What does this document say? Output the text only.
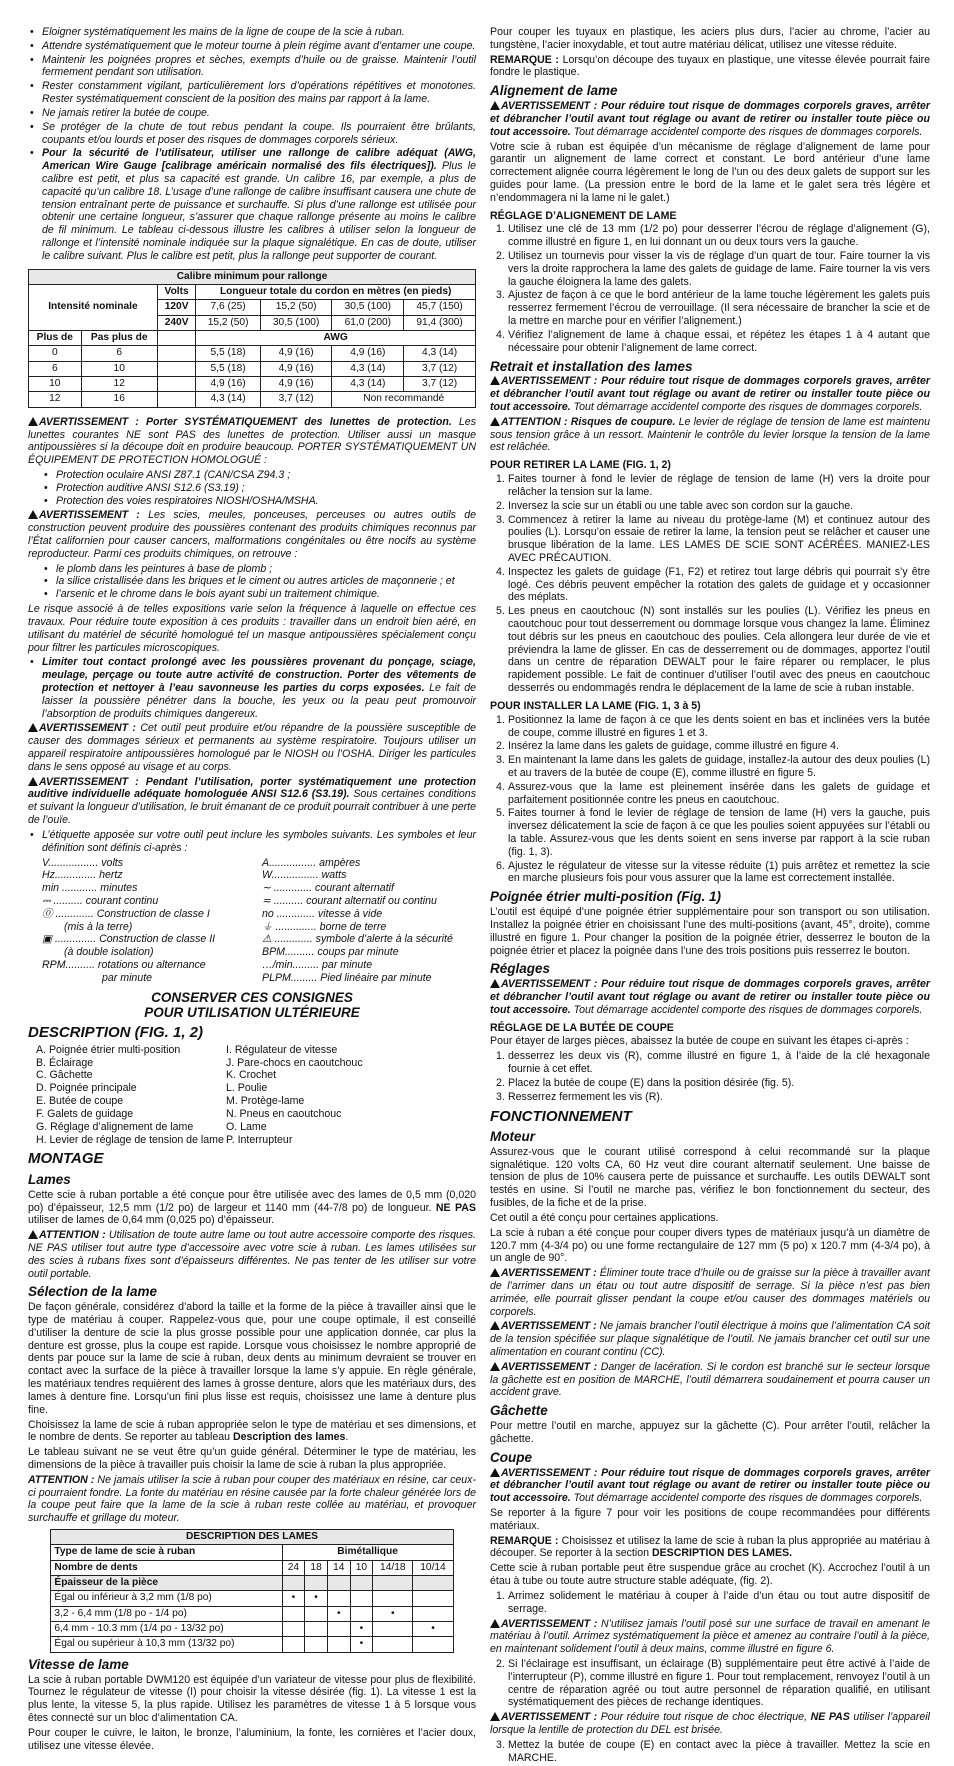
• Eloigner systématiquement les mains de la ligne de coupe de la scie à ruban.
• Attendre systématiquement que le moteur tourne à plein régime avant d’entamer une coupe.
• Maintenir les poignées propres et sèches, exempts d’huile ou de graisse. Maintenir l’outil fermement pendant son utilisation.
• Rester constamment vigilant, particulièrement lors d’opérations répétitives et monotones. Rester systématiquement conscient de la position des mains par rapport à la lame.
• Ne jamais retirer la butée de coupe.
• Se protéger de la chute de tout rebus pendant la coupe. Ils pourraient être brûlants, coupants et/ou lourds et poser des risques de dommages corporels sérieux.
• Pour la sécurité de l’utilisateur, utiliser une rallonge de calibre adéquat (AWG, American Wire Gauge [calibrage américain normalisé des fils électriques]). Plus le calibre est petit, et plus sa capacité est grande. Un calibre 16, par exemple, a plus de capacité qu’un calibre 18. L’usage d’une rallonge de calibre insuffisant causera une chute de tension entraînant perte de puissance et surchauffe. Si plus d’une rallonge est utilisée pour obtenir une certaine longueur, s’assurer que chaque rallonge présente au moins le calibre de fil minimum. Le tableau ci-dessous illustre les calibres à utiliser selon la longueur de rallonge et l’intensité nominale indiquée sur la plaque signalétique. En cas de doute, utiliser le calibre suivant. Plus le calibre est petit, plus la rallonge peut supporter de courant.
Calibre minimum pour rallonge						
Intensité nominale		Volts	Longueur totale du cordon en mètres (en pieds)			
		120V	7,6 (25)	15,2 (50)	30,5 (100)	45,7 (150)
		240V	15,2 (50)	30,5 (100)	61,0 (200)	91,4 (300)
Plus de	Pas plus de		AWG			
0	6		5,5 (18)	4,9 (16)	4,9 (16)	4,3 (14)
6	10		5,5 (18)	4,9 (16)	4,3 (14)	3,7 (12)
10	12		4,9 (16)	4,9 (16)	4,3 (14)	3,7 (12)
12	16		4,3 (14)	3,7 (12)	Non recommandé	

AVERTISSEMENT : Porter SYSTÉMATIQUEMENT des lunettes de protection. Les lunettes courantes NE sont PAS des lunettes de protection. Utiliser aussi un masque antipoussières si la découpe doit en produire beaucoup. PORTER SYSTÉMATIQUEMENT UN ÉQUIPEMENT DE PROTECTION HOMOLOGUÉ :

• Protection oculaire ANSI Z87.1 (CAN/CSA Z94.3 ;
• Protection auditive ANSI S12.6 (S3.19) ;
• Protection des voies respiratoires NIOSH/OSHA/MSHA.

AVERTISSEMENT : Les scies, meules, ponceuses, perceuses ou autres outils de construction peuvent produire des poussières contenant des produits chimiques reconnus par l’État californien pour causer cancers, malformations congénitales ou être nocifs au système reproducteur. Parmi ces produits chimiques, on retrouve :

• le plomb dans les peintures à base de plomb ;
• la silice cristallisée dans les briques et le ciment ou autres articles de maçonnerie ; et
• l’arsenic et le chrome dans le bois ayant subi un traitement chimique.

Le risque associé à de telles expositions varie selon la fréquence à laquelle on effectue ces travaux. Pour réduire toute exposition à ces produits : travailler dans un endroit bien aéré, en utilisant du matériel de sécurité homologué tel un masque antipoussières spécialement conçu pour filtrer les particules microscopiques.

• Limiter tout contact prolongé avec les poussières provenant du ponçage, sciage, meulage, perçage ou toute autre activité de construction. Porter des vêtements de protection et nettoyer à l’eau savonneuse les parties du corps exposées. Le fait de laisser la poussière pénétrer dans la bouche, les yeux ou la peau peut promouvoir l’absorption de produits chimiques dangereux.

AVERTISSEMENT : Cet outil peut produire et/ou répandre de la poussière susceptible de causer des dommages sérieux et permanents au système respiratoire. Toujours utiliser un appareil respiratoire antipoussières homologué par le NIOSH ou l’OSHA. Diriger les particules dans le sens opposé au visage et au corps.

AVERTISSEMENT : Pendant l’utilisation, porter systématiquement une protection auditive individuelle adéquate homologuée ANSI S12.6 (S3.19). Sous certaines conditions et suivant la longueur d’utilisation, le bruit émanant de ce produit pourrait contribuer à une perte de l’ouïe.

• L’étiquette apposée sur votre outil peut inclure les symboles suivants. Les symboles et leur définition sont définis ci-après :
V................. volts	A................ ampères
Hz.............. hertz	W................ watts
min ............ minutes	∼ ............. courant alternatif
⎓ .......... courant continu	≂ .......... courant alternatif ou continu
⓪ ............. Construction de classe I	no ............. vitesse à vide
(mis à la terre)	⏚ .............. borne de terre
▣ .............. Construction de classe II	⚠ ............. symbole d’alerte à la sécurité
(à double isolation)	BPM.......... coups par minute
RPM.......... rotations ou alternance	…/min......... par minute
par minute	PLPM......... Pied linéaire par minute
CONSERVER CES CONSIGNES
POUR UTILISATION ULTÉRIEURE
DESCRIPTION (FIG. 1, 2)
A. Poignée étrier multi-position	I. Régulateur de vitesse
B. Éclairage	J. Pare-chocs en caoutchouc
C. Gâchette	K. Crochet
D. Poignée principale	L. Poulie
E. Butée de coupe	M. Protège-lame
F. Galets de guidage	N. Pneus en caoutchouc
G. Réglage d’alignement de lame	O. Lame
H. Levier de réglage de tension de lame P. Interrupteur
MONTAGE
Lames

Cette scie à ruban portable a été conçue pour être utilisée avec des lames de 0,5 mm (0,020 po) d’épaisseur, 12,5 mm (1/2 po) de largeur et 1140 mm (44-7/8 po) de longueur. NE PAS utiliser de lames de 0,64 mm (0,025 po) d’épaisseur.

ATTENTION : Utilisation de toute autre lame ou tout autre accessoire comporte des risques. NE PAS utiliser tout autre type d’accessoire avec votre scie à ruban. Les lames utilisées sur des scies à rubans fixes sont d’épaisseurs différentes. Ne pas tenter de les utiliser sur votre outil portable.

Sélection de la lame

De façon générale, considérez d’abord la taille et la forme de la pièce à travailler ainsi que le type de matériau à couper. Rappelez-vous que, pour une coupe optimale, il est conseillé d’utiliser la denture de scie la plus grosse possible pour une application donnée, car plus la denture est grosse, plus la coupe est rapide. Lorsque vous choisissez le nombre approprié de dents par pouce sur la lame de scie à ruban, deux dents au minimum devraient se trouver en contact avec la surface de la pièce à travailler lorsque la lame s’y appuie. En règle générale, les matériaux tendres requièrent des lames à grosse denture, alors que les matériaux durs, des lames à denture fine. Lorsqu’un fini plus lisse est requis, choisissez une lame à denture plus fine.

Choisissez la lame de scie à ruban appropriée selon le type de matériau et ses dimensions, et le nombre de dents. Se reporter au tableau Description des lames.

Le tableau suivant ne se veut être qu’un guide général. Déterminer le type de matériau, les dimensions de la pièce à travailler puis choisir la lame de scie à ruban la plus appropriée.

ATTENTION : Ne jamais utiliser la scie à ruban pour couper des matériaux en résine, car ceux-ci pourraient fondre. La fonte du matériau en résine causée par la forte chaleur générée lors de la coupe peut faire que la lame de la scie à ruban reste collée au matériau, et provoquer surchauffe et grillage du moteur.

DESCRIPTION DES LAMES						
Type de lame de scie à ruban	Bimétallique					
Nombre de dents	24	18	14	10	14/18	10/14
Épaisseur de la pièce						
Égal ou inférieur à 3,2 mm (1/8 po)	•	•				
3,2 - 6,4 mm (1/8 po - 1/4 po)			•		•	
6,4 mm - 10.3 mm (1/4 po - 13/32 po)				•		•
Égal ou supérieur à 10,3 mm (13/32 po)				•		
Vitesse de lame

La scie à ruban portable DWM120 est équipée d’un variateur de vitesse pour plus de flexibilité. Tournez le régulateur de vitesse (I) pour choisir la vitesse désirée (fig. 1). La vitesse 1 est la plus lente, la vitesse 5, la plus rapide. Utilisez les paramètres de vitesse 1 à 5 lorsque vous êtes connecté sur un bloc d’alimentation CA.

Pour couper le cuivre, le laiton, le bronze, l’aluminium, la fonte, les cornières et l’acier doux, utilisez une vitesse élevée.

Pour couper les tuyaux en plastique, les aciers plus durs, l’acier au chrome, l’acier au tungstène, l’acier inoxydable, et tout autre matériau délicat, utilisez une vitesse réduite.

REMARQUE : Lorsqu’on découpe des tuyaux en plastique, une vitesse élevée pourrait faire fondre le plastique.

Alignement de lame

AVERTISSEMENT : Pour réduire tout risque de dommages corporels graves, arrêter et débrancher l’outil avant tout réglage ou avant de retirer ou installer toute pièce ou tout accessoire. Tout démarrage accidentel comporte des risques de dommages corporels.

Votre scie à ruban est équipée d’un mécanisme de réglage d’alignement de lame pour garantir un alignement de lame correct et constant. Le bord antérieur d’une lame correctement alignée courra légèrement le long de l’un ou des deux galets de support sur les guides pour lame. (La pression entre le bord de la lame et le galet sera très légère et n’endommagera ni la lame ni le galet.)

RÉGLAGE D’ALIGNEMENT DE LAME
1. Utilisez une clé de 13 mm (1/2 po) pour desserrer l’écrou de réglage d’alignement (G), comme illustré en figure 1, en lui donnant un ou deux tours vers la gauche.
2. Utilisez un tournevis pour visser la vis de réglage d’un quart de tour. Faire tourner la vis vers la droite rapprochera la lame des galets de guidage de lame. Faire tourner la vis vers la gauche éloignera la lame des galets.
3. Ajustez de façon à ce que le bord antérieur de la lame touche légèrement les galets puis resserrez fermement l’écrou de verrouillage. (Il sera nécessaire de brancher la scie et de la mettre en marche pour en vérifier l’alignement.)
4. Vérifiez l’alignement de lame à chaque essai, et répétez les étapes 1 à 4 autant que nécessaire pour obtenir l’alignement de lame correct.
Retrait et installation des lames

AVERTISSEMENT : Pour réduire tout risque de dommages corporels graves, arrêter et débrancher l’outil avant tout réglage ou avant de retirer ou installer toute pièce ou tout accessoire. Tout démarrage accidentel comporte des risques de dommages corporels.

ATTENTION : Risques de coupure. Le levier de réglage de tension de lame est maintenu sous tension grâce à un ressort. Maintenir le contrôle du levier lorsque la tension de la lame est relâchée.

POUR RETIRER LA LAME (FIG. 1, 2)
1. Faites tourner à fond le levier de réglage de tension de lame (H) vers la droite pour relâcher la tension sur la lame.
2. Inversez la scie sur un établi ou une table avec son cordon sur la gauche.
3. Commencez à retirer la lame au niveau du protège-lame (M) et continuez autour des poulies (L). Lorsqu’on essaie de retirer la lame, la tension peut se relâcher et causer une brusque libération de la lame. LES LAMES DE SCIE SONT ACÉRÉES. MANIEZ-LES AVEC PRÉCAUTION.
4. Inspectez les galets de guidage (F1, F2) et retirez tout large débris qui pourrait s’y être logé. Ces débris peuvent empêcher la rotation des galets de guidage et y occasionner des méplats.
5. Les pneus en caoutchouc (N) sont installés sur les poulies (L). Vérifiez les pneus en caoutchouc pour tout desserrement ou dommage lorsque vous changez la lame. Éliminez tout débris sur les pneus en caoutchouc des poulies. Cela allongera leur durée de vie et préviendra la lame de glisser. En cas de desserrement ou de dommages, apportez l’outil dans un centre de réparation DEWALT pour le faire réparer ou remplacer, le plus rapidement possible. Le fait de continuer d’utiliser l’outil avec des pneus en caoutchouc desserrés ou endommagés rendra le déplacement de la lame de scie à ruban instable.
POUR INSTALLER LA LAME (FIG. 1, 3 à 5)
1. Positionnez la lame de façon à ce que les dents soient en bas et inclinées vers la butée de coupe, comme illustré en figures 1 et 3.
2. Insérez la lame dans les galets de guidage, comme illustré en figure 4.
3. En maintenant la lame dans les galets de guidage, installez-la autour des deux poulies (L) et au travers de la butée de coupe (E), comme illustré en figure 5.
4. Assurez-vous que la lame est pleinement insérée dans les galets de guidage et parfaitement positionnée contre les pneus en caoutchouc.
5. Faites tourner à fond le levier de réglage de tension de lame (H) vers la gauche, puis inversez délicatement la scie de façon à ce que les poulies soient appuyées sur l’établi ou la table. Assurez-vous que les dents soient en sens inverse par rapport à la scie ruban (fig. 1, 3).
6. Ajustez le régulateur de vitesse sur la vitesse réduite (1) puis arrêtez et remettez la scie en marche plusieurs fois pour vous assurer que la lame est correctement installée.
Poignée étrier multi-position (Fig. 1)

L’outil est équipé d’une poignée étrier supplémentaire pour son transport ou son utilisation. Installez la poignée étrier en choisissant l’une des multi-positions (avant, 45°, droite), comme illustré en figure 1. Pour changer la position de la poignée étrier, desserrez le bouton de la poignée étrier et placez la poignée dans l’une des trois positions puis resserrez le bouton.

Réglages

AVERTISSEMENT : Pour réduire tout risque de dommages corporels graves, arrêter et débrancher l’outil avant tout réglage ou avant de retirer ou installer toute pièce ou tout accessoire. Tout démarrage accidentel comporte des risques de dommages corporels.

RÉGLAGE DE LA BUTÉE DE COUPE

Pour étayer de larges pièces, abaissez la butée de coupe en suivant les étapes ci-après :

1. desserrez les deux vis (R), comme illustré en figure 1, à l’aide de la clé hexagonale fournie à cet effet.
2. Placez la butée de coupe (E) dans la position désirée (fig. 5).
3. Resserrez fermement les vis (R).
FONCTIONNEMENT
Moteur

Assurez-vous que le courant utilisé correspond à celui recommandé sur la plaque signalétique. 120 volts CA, 60 Hz veut dire courant alternatif seulement. Une baisse de tension de plus de 10% causera perte de puissance et surchauffe. Les outils DEWALT sont testés en usine. Si l’outil ne marche pas, vérifiez le bon fonctionnement du secteur, des fusibles, de la fiche et de la prise.

Cet outil a été conçu pour certaines applications.

La scie à ruban a été conçue pour couper divers types de matériaux jusqu’à un diamètre de 120.7 mm (4-3/4 po) ou une forme rectangulaire de 127 mm (5 po) x 120.7 mm (4-3/4 po), à un angle de 90°.

AVERTISSEMENT : Éliminer toute trace d’huile ou de graisse sur la pièce à travailler avant de l’arrimer dans un étau ou tout autre dispositif de serrage. Si la pièce n’est pas bien arrimée, elle pourrait glisser pendant la coupe et/ou causer des dommages matériels ou corporels.

AVERTISSEMENT : Ne jamais brancher l’outil électrique à moins que l’alimentation CA soit de la tension spécifiée sur plaque signalétique de l’outil. Ne jamais brancher cet outil sur une alimentation en courant continu (CC).

AVERTISSEMENT : Danger de lacération. Si le cordon est branché sur le secteur lorsque la gâchette est en position de MARCHE, l’outil démarrera soudainement et pourra causer un accident grave.

Gâchette

Pour mettre l’outil en marche, appuyez sur la gâchette (C). Pour arrêter l’outil, relâcher la gâchette.

Coupe

AVERTISSEMENT : Pour réduire tout risque de dommages corporels graves, arrêter et débrancher l’outil avant tout réglage ou avant de retirer ou installer toute pièce ou tout accessoire. Tout démarrage accidentel comporte des risques de dommages corporels.

Se reporter à la figure 7 pour voir les positions de coupe recommandées pour différents matériaux.

REMARQUE : Choisissez et utilisez la lame de scie à ruban la plus appropriée au matériau à découper. Se reporter à la section DESCRIPTION DES LAMES.

Cette scie à ruban portable peut être suspendue grâce au crochet (K). Accrochez l’outil à un étau à tube ou toute autre structure stable adéquate, (fig. 2).

1. Arrimez solidement le matériau à couper à l’aide d’un étau ou tout autre dispositif de serrage.

AVERTISSEMENT : N’utilisez jamais l’outil posé sur une surface de travail en amenant le matériau à l’outil. Arrimez systématiquement la pièce et amenez au contraire l’outil à la pièce, en maintenant solidement l’outil à deux mains, comme illustré en figure 6.

2. Si l’éclairage est insuffisant, un éclairage (B) supplémentaire peut être activé à l’aide de l’interrupteur (P), comme illustré en figure 1. Pour tout remplacement, renvoyez l’outil à un centre de réparation agréé ou tout autre personnel de réparation qualifié, en utilisant systématiquement des pièces de rechange identiques.

AVERTISSEMENT : Pour réduire tout risque de choc électrique, NE PAS utiliser l’appareil lorsque la lentille de protection du DEL est brisée.

3. Mettez la butée de coupe (E) en contact avec la pièce à travailler. Mettez la scie en MARCHE.
